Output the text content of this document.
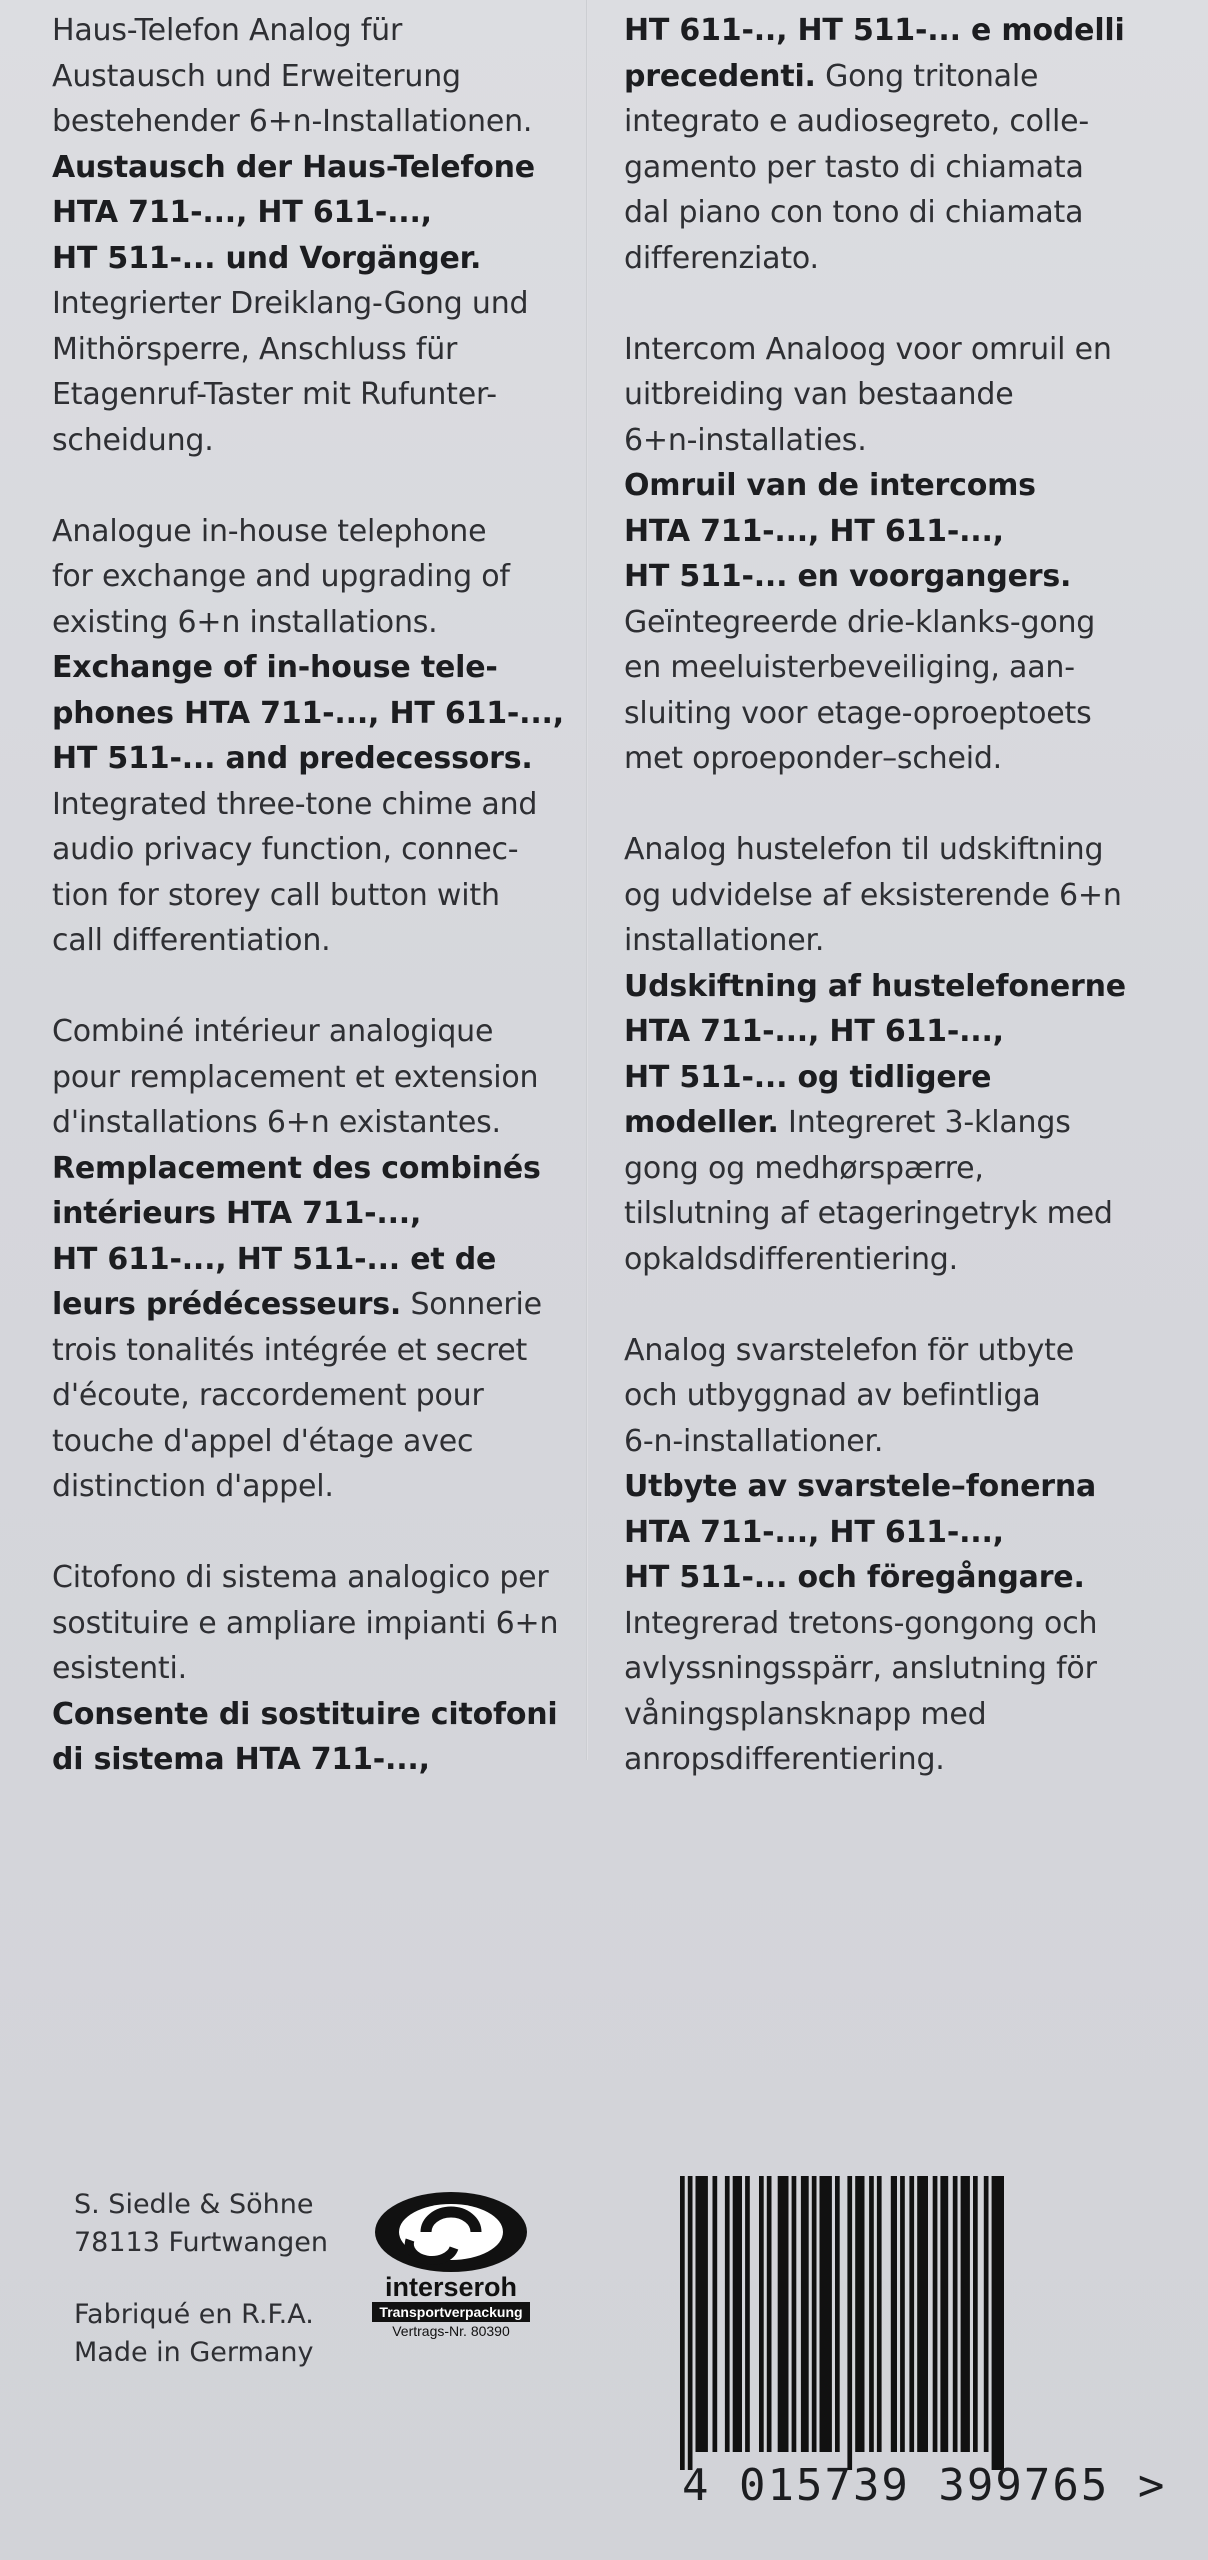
Haus-Telefon Analog für
Austausch und Erweiterung
bestehender 6+n-Installationen.
Austausch der Haus-Telefone
HTA 711-..., HT 611-...,
HT 511-... und Vorgänger.
Integrierter Dreiklang-Gong und
Mithörsperre, Anschluss für
Etagenruf-Taster mit Rufunter-
scheidung.
Analogue in-house telephone
for exchange and upgrading of
existing 6+n installations.
Exchange of in-house tele-
phones HTA 711-..., HT 611-...,
HT 511-... and predecessors.
Integrated three-tone chime and
audio privacy function, connec-
tion for storey call button with
call differentiation.
Combiné intérieur analogique
pour remplacement et extension
d'installations 6+n existantes.
Remplacement des combinés
intérieurs HTA 711-...,
HT 611-..., HT 511-... et de
leurs prédécesseurs. Sonnerie
trois tonalités intégrée et secret
d'écoute, raccordement pour
touche d'appel d'étage avec
distinction d'appel.
Citofono di sistema analogico per
sostituire e ampliare impianti 6+n
esistenti.
Consente di sostituire citofoni
di sistema HTA 711-...,
HT 611-.., HT 511-... e modelli
precedenti. Gong tritonale
integrato e audiosegreto, colle-
gamento per tasto di chiamata
dal piano con tono di chiamata
differenziato.
Intercom Analoog voor omruil en
uitbreiding van bestaande
6+n-installaties.
Omruil van de intercoms
HTA 711-..., HT 611-...,
HT 511-... en voorgangers.
Geïntegreerde drie-klanks-gong
en meeluisterbeveiliging, aan-
sluiting voor etage-oproeptoets
met oproeponder–scheid.
Analog hustelefon til udskiftning
og udvidelse af eksisterende 6+n
installationer.
Udskiftning af hustelefonerne
HTA 711-..., HT 611-...,
HT 511-... og tidligere
modeller. Integreret 3-klangs
gong og medhørspærre,
tilslutning af etageringetryk med
opkaldsdifferentiering.
Analog svarstelefon för utbyte
och utbyggnad av befintliga
6-n-installationer.
Utbyte av svarstele–fonerna
HTA 711-..., HT 611-...,
HT 511-... och föregångare.
Integrerad tretons-gongong och
avlyssningsspärr, anslutning för
våningsplansknapp med
anropsdifferentiering.
S. Siedle & Söhne
78113 Furtwangen
Fabriqué en R.F.A.
Made in Germany
interseroh
Transportverpackung
Vertrags-Nr. 80390
4 015739 399765 >
